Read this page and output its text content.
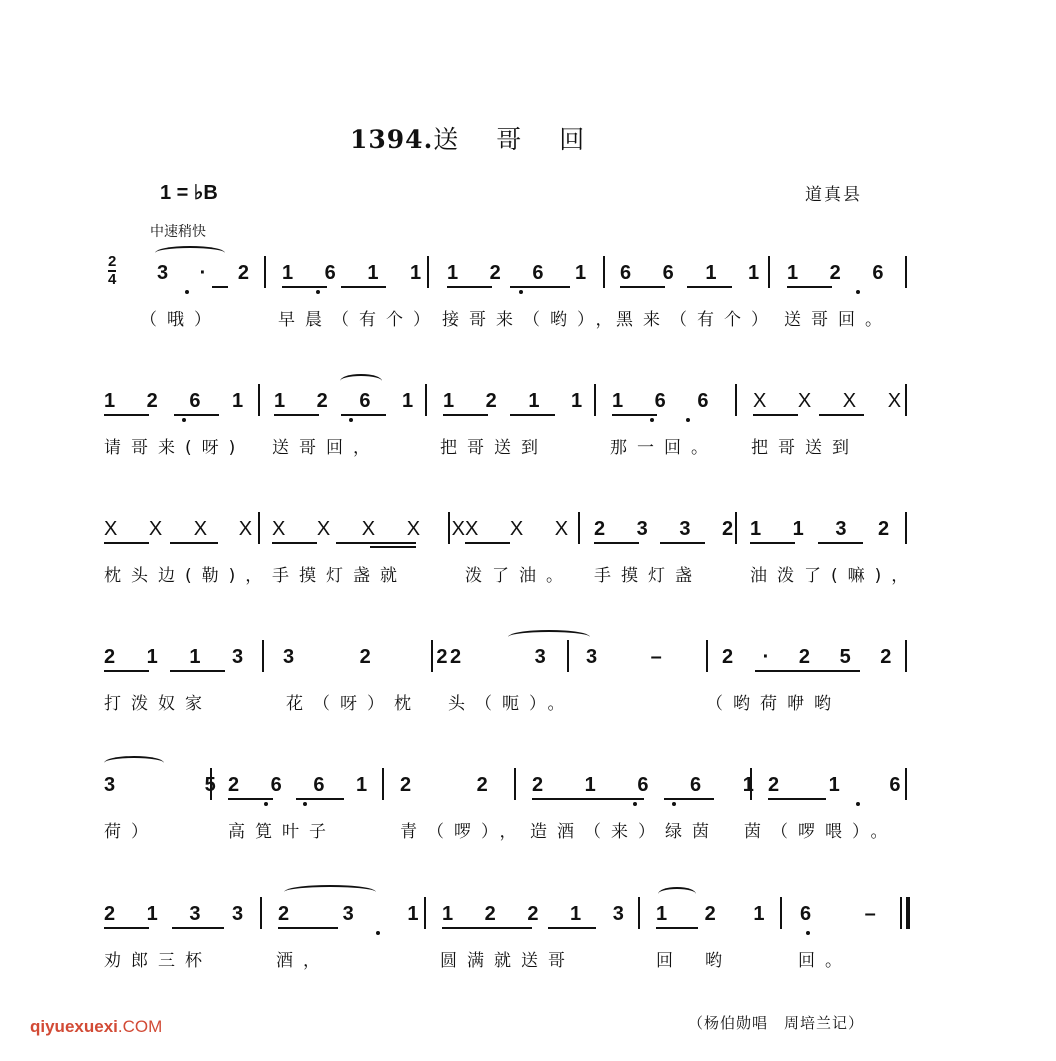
1394.送哥回
1 = ♭B	道真县
中速稍快
2
4 3 · 2 1 6 1 1 1 2 6 1 6 6 1 1 1 2 6
（哦）	早晨（有个） 接哥来（哟），
黑来（有个） 送哥回。
1 2 6 1 1 2 6 1 1 2 1 1 1 6 6 X X X X
请哥来(呀) 送哥回，	把哥送到	那一回。 把哥送到
X X X X X X X X X
X X X 2 3 3 2 1 1 3 2
枕头边(勒)， 手摸灯盏就	泼了油。 手摸灯盏	油泼了(嘛)，
2 1 1 3 3 2 2
2 3 3 – 2 · 2 5 2
打泼奴家	花（呀）枕 头（呃）。	（哟荷咿哟
3 5
2 6 6 1 2 2 2 1 6 6 1
2 1 6
荷）	高筧叶子	青（啰）， 造酒（来）绿茵 茵（啰喂）。
2 1 3 3 2 3 1 1 2 2 1 3 1 2 1 6 –
劝郎三杯	酒，	圆满就送哥	回哟	回。
（杨伯勋唱　周培兰记）
qiyuexuexi.COM
